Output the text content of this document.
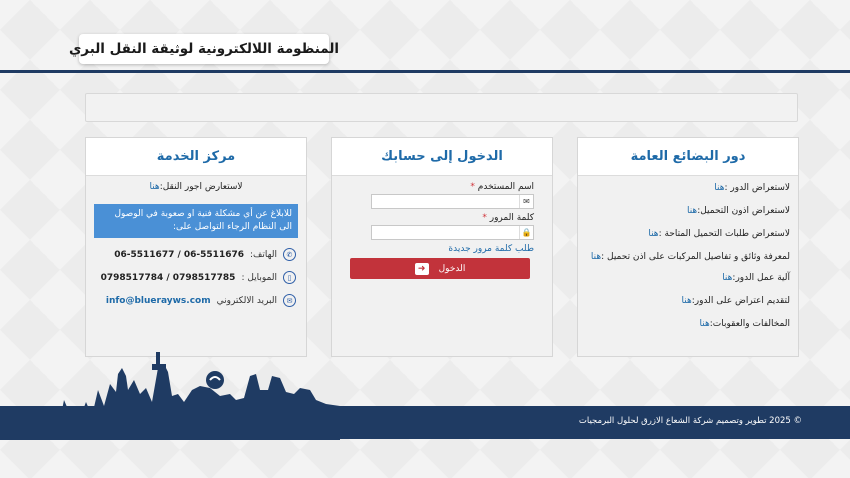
المنظومة اللالكترونية لوثيقة النقل البري
دور البضائع العامة
لاستعراض الدور :هنا
لاستعراض اذون التحميل:هنا
لاستعراض طلبات التحميل المتاحة :هنا
لمعرفة وثائق و تفاصيل المركبات على اذن تحميل :هنا
آلية عمل الدور:هنا
لتقديم اعتراض على الدور:هنا
المخالفات والعقوبات:هنا
الدخول إلى حسابك
اسم المستخدم *
✉
كلمة المرور *
🔒
طلب كلمة مرور جديدة
الدخول
➜
مركز الخدمة
لاستعارض اجور النقل:هنا
للابلاغ عن أي مشكلة فنية او صعوبة في الوصول الى النظام الرجاء التواصل على:
✆
الهاتف:
06-5511677 / 06-5511676
▯
الموبايل :
0798517784 / 0798517785
✉
البريد الالكتروني
info@bluerayws.com
© 2025 تطوير وتصميم شركة الشعاع الازرق لحلول البرمجيات
